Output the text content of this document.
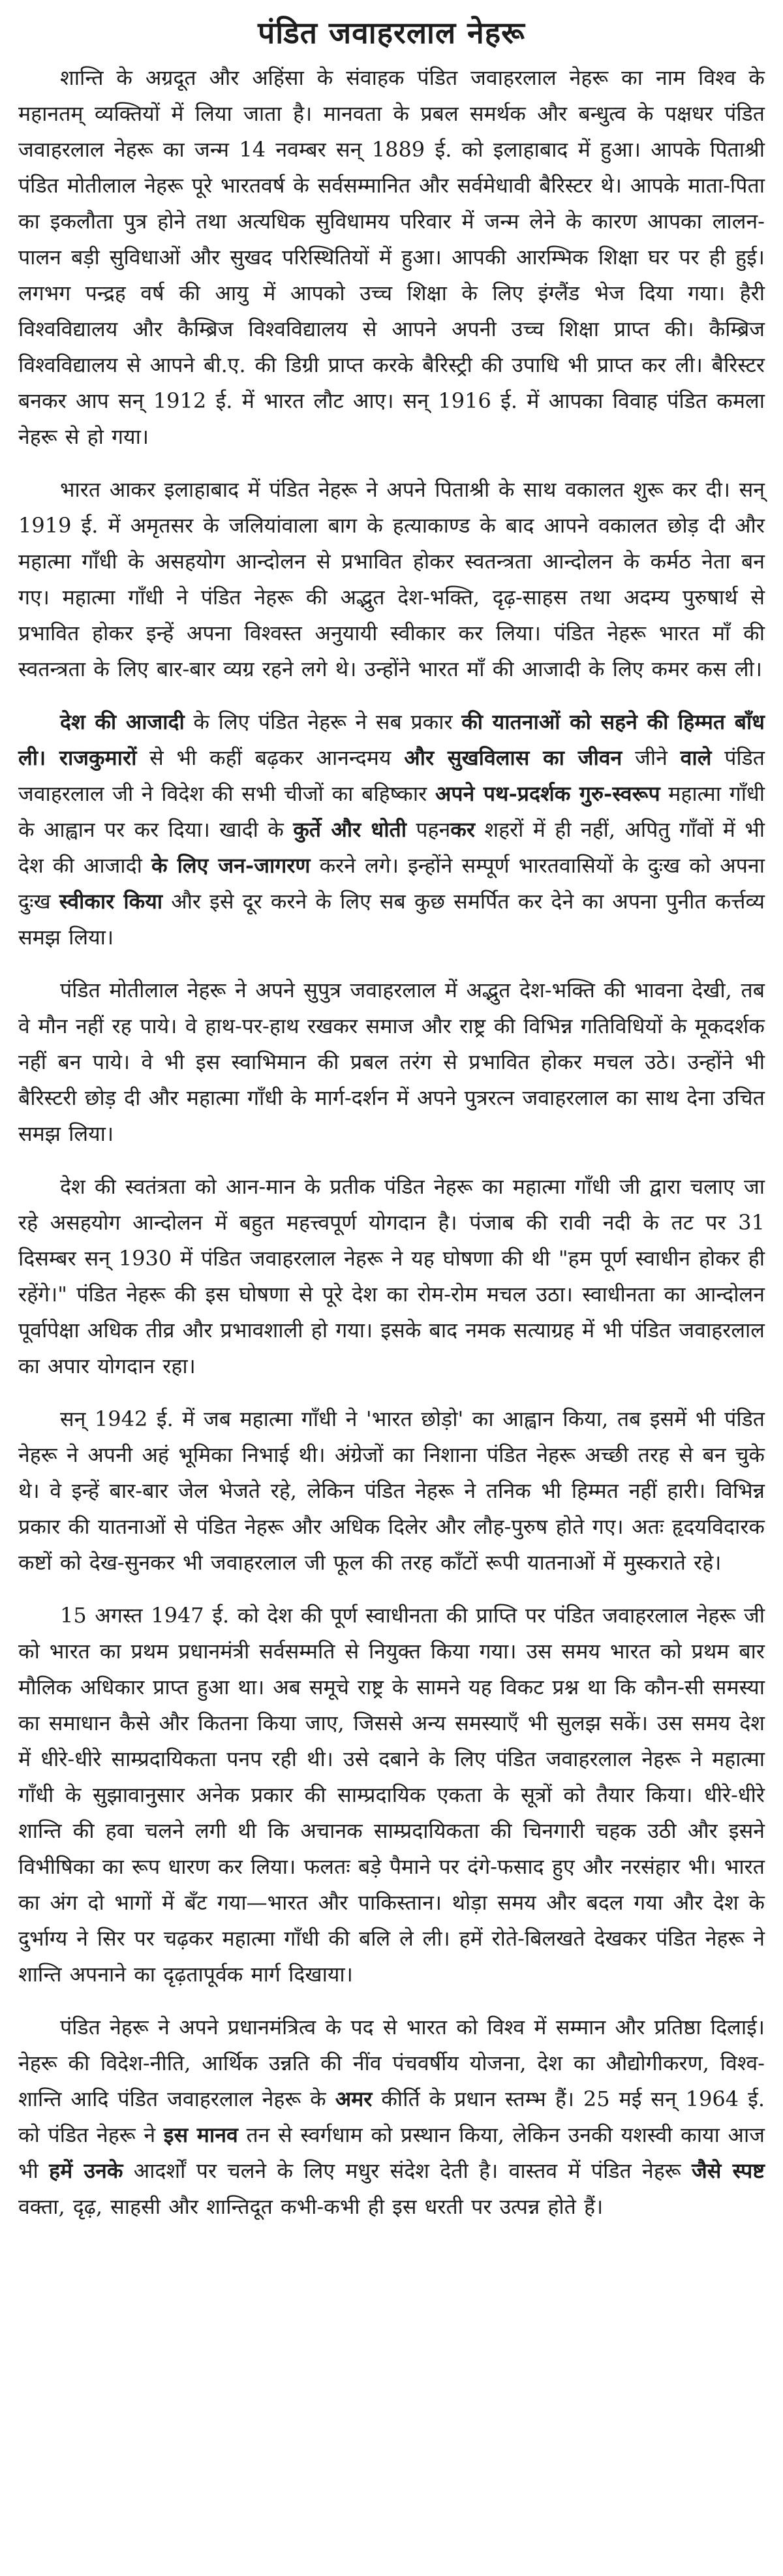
पंडित जवाहरलाल नेहरू

शान्ति के अग्रदूत और अहिंसा के संवाहक पंडित जवाहरलाल नेहरू का नाम विश्व के महानतम् व्यक्तियों में लिया जाता है। मानवता के प्रबल समर्थक और बन्धुत्व के पक्षधर पंडित जवाहरलाल नेहरू का जन्म 14 नवम्बर सन् 1889 ई. को इलाहाबाद में हुआ। आपके पिताश्री पंडित मोतीलाल नेहरू पूरे भारतवर्ष के सर्वसम्मानित और सर्वमेधावी बैरिस्टर थे। आपके माता-पिता का इकलौता पुत्र होने तथा अत्यधिक सुविधामय परिवार में जन्म लेने के कारण आपका लालन-पालन बड़ी सुविधाओं और सुखद परिस्थितियों में हुआ। आपकी आरम्भिक शिक्षा घर पर ही हुई। लगभग पन्द्रह वर्ष की आयु में आपको उच्च शिक्षा के लिए इंग्लैंड भेज दिया गया। हैरी विश्वविद्यालय और कैम्ब्रिज विश्वविद्यालय से आपने अपनी उच्च शिक्षा प्राप्त की। कैम्ब्रिज विश्वविद्यालय से आपने बी.ए. की डिग्री प्राप्त करके बैरिस्ट्री की उपाधि भी प्राप्त कर ली। बैरिस्टर बनकर आप सन् 1912 ई. में भारत लौट आए। सन् 1916 ई. में आपका विवाह पंडित कमला नेहरू से हो गया।

भारत आकर इलाहाबाद में पंडित नेहरू ने अपने पिताश्री के साथ वकालत शुरू कर दी। सन् 1919 ई. में अमृतसर के जलियांवाला बाग के हत्याकाण्ड के बाद आपने वकालत छोड़ दी और महात्मा गाँधी के असहयोग आन्दोलन से प्रभावित होकर स्वतन्त्रता आन्दोलन के कर्मठ नेता बन गए। महात्मा गाँधी ने पंडित नेहरू की अद्भुत देश-भक्ति, दृढ़-साहस तथा अदम्य पुरुषार्थ से प्रभावित होकर इन्हें अपना विश्वस्त अनुयायी स्वीकार कर लिया। पंडित नेहरू भारत माँ की स्वतन्त्रता के लिए बार-बार व्यग्र रहने लगे थे। उन्होंने भारत माँ की आजादी के लिए कमर कस ली।

देश की आजादी के लिए पंडित नेहरू ने सब प्रकार की यातनाओं को सहने की हिम्मत बाँध ली। राजकुमारों से भी कहीं बढ़कर आनन्दमय और सुखविलास का जीवन जीने वाले पंडित जवाहरलाल जी ने विदेश की सभी चीजों का बहिष्कार अपने पथ-प्रदर्शक गुरु-स्वरूप महात्मा गाँधी के आह्वान पर कर दिया। खादी के कुर्ते और धोती पहनकर शहरों में ही नहीं, अपितु गाँवों में भी देश की आजादी के लिए जन-जागरण करने लगे। इन्होंने सम्पूर्ण भारतवासियों के दुःख को अपना दुःख स्वीकार किया और इसे दूर करने के लिए सब कुछ समर्पित कर देने का अपना पुनीत कर्त्तव्य समझ लिया।

पंडित मोतीलाल नेहरू ने अपने सुपुत्र जवाहरलाल में अद्भुत देश-भक्ति की भावना देखी, तब वे मौन नहीं रह पाये। वे हाथ-पर-हाथ रखकर समाज और राष्ट्र की विभिन्न गतिविधियों के मूकदर्शक नहीं बन पाये। वे भी इस स्वाभिमान की प्रबल तरंग से प्रभावित होकर मचल उठे। उन्होंने भी बैरिस्टरी छोड़ दी और महात्मा गाँधी के मार्ग-दर्शन में अपने पुत्ररत्न जवाहरलाल का साथ देना उचित समझ लिया।

देश की स्वतंत्रता को आन-मान के प्रतीक पंडित नेहरू का महात्मा गाँधी जी द्वारा चलाए जा रहे असहयोग आन्दोलन में बहुत महत्त्वपूर्ण योगदान है। पंजाब की रावी नदी के तट पर 31 दिसम्बर सन् 1930 में पंडित जवाहरलाल नेहरू ने यह घोषणा की थी "हम पूर्ण स्वाधीन होकर ही रहेंगे।" पंडित नेहरू की इस घोषणा से पूरे देश का रोम-रोम मचल उठा। स्वाधीनता का आन्दोलन पूर्वापेक्षा अधिक तीव्र और प्रभावशाली हो गया। इसके बाद नमक सत्याग्रह में भी पंडित जवाहरलाल का अपार योगदान रहा।

सन् 1942 ई. में जब महात्मा गाँधी ने 'भारत छोड़ो' का आह्वान किया, तब इसमें भी पंडित नेहरू ने अपनी अहं भूमिका निभाई थी। अंग्रेजों का निशाना पंडित नेहरू अच्छी तरह से बन चुके थे। वे इन्हें बार-बार जेल भेजते रहे, लेकिन पंडित नेहरू ने तनिक भी हिम्मत नहीं हारी। विभिन्न प्रकार की यातनाओं से पंडित नेहरू और अधिक दिलेर और लौह-पुरुष होते गए। अतः हृदयविदारक कष्टों को देख-सुनकर भी जवाहरलाल जी फूल की तरह काँटों रूपी यातनाओं में मुस्कराते रहे।

15 अगस्त 1947 ई. को देश की पूर्ण स्वाधीनता की प्राप्ति पर पंडित जवाहरलाल नेहरू जी को भारत का प्रथम प्रधानमंत्री सर्वसम्मति से नियुक्त किया गया। उस समय भारत को प्रथम बार मौलिक अधिकार प्राप्त हुआ था। अब समूचे राष्ट्र के सामने यह विकट प्रश्न था कि कौन-सी समस्या का समाधान कैसे और कितना किया जाए, जिससे अन्य समस्याएँ भी सुलझ सकें। उस समय देश में धीरे-धीरे साम्प्रदायिकता पनप रही थी। उसे दबाने के लिए पंडित जवाहरलाल नेहरू ने महात्मा गाँधी के सुझावानुसार अनेक प्रकार की साम्प्रदायिक एकता के सूत्रों को तैयार किया। धीरे-धीरे शान्ति की हवा चलने लगी थी कि अचानक साम्प्रदायिकता की चिनगारी चहक उठी और इसने विभीषिका का रूप धारण कर लिया। फलतः बड़े पैमाने पर दंगे-फसाद हुए और नरसंहार भी। भारत का अंग दो भागों में बँट गया—भारत और पाकिस्तान। थोड़ा समय और बदल गया और देश के दुर्भाग्य ने सिर पर चढ़कर महात्मा गाँधी की बलि ले ली। हमें रोते-बिलखते देखकर पंडित नेहरू ने शान्ति अपनाने का दृढ़तापूर्वक मार्ग दिखाया।

पंडित नेहरू ने अपने प्रधानमंत्रित्व के पद से भारत को विश्व में सम्मान और प्रतिष्ठा दिलाई। नेहरू की विदेश-नीति, आर्थिक उन्नति की नींव पंचवर्षीय योजना, देश का औद्योगीकरण, विश्व-शान्ति आदि पंडित जवाहरलाल नेहरू के अमर कीर्ति के प्रधान स्तम्भ हैं। 25 मई सन् 1964 ई. को पंडित नेहरू ने इस मानव तन से स्वर्गधाम को प्रस्थान किया, लेकिन उनकी यशस्वी काया आज भी हमें उनके आदर्शों पर चलने के लिए मधुर संदेश देती है। वास्तव में पंडित नेहरू जैसे स्पष्ट वक्ता, दृढ़, साहसी और शान्तिदूत कभी-कभी ही इस धरती पर उत्पन्न होते हैं।
